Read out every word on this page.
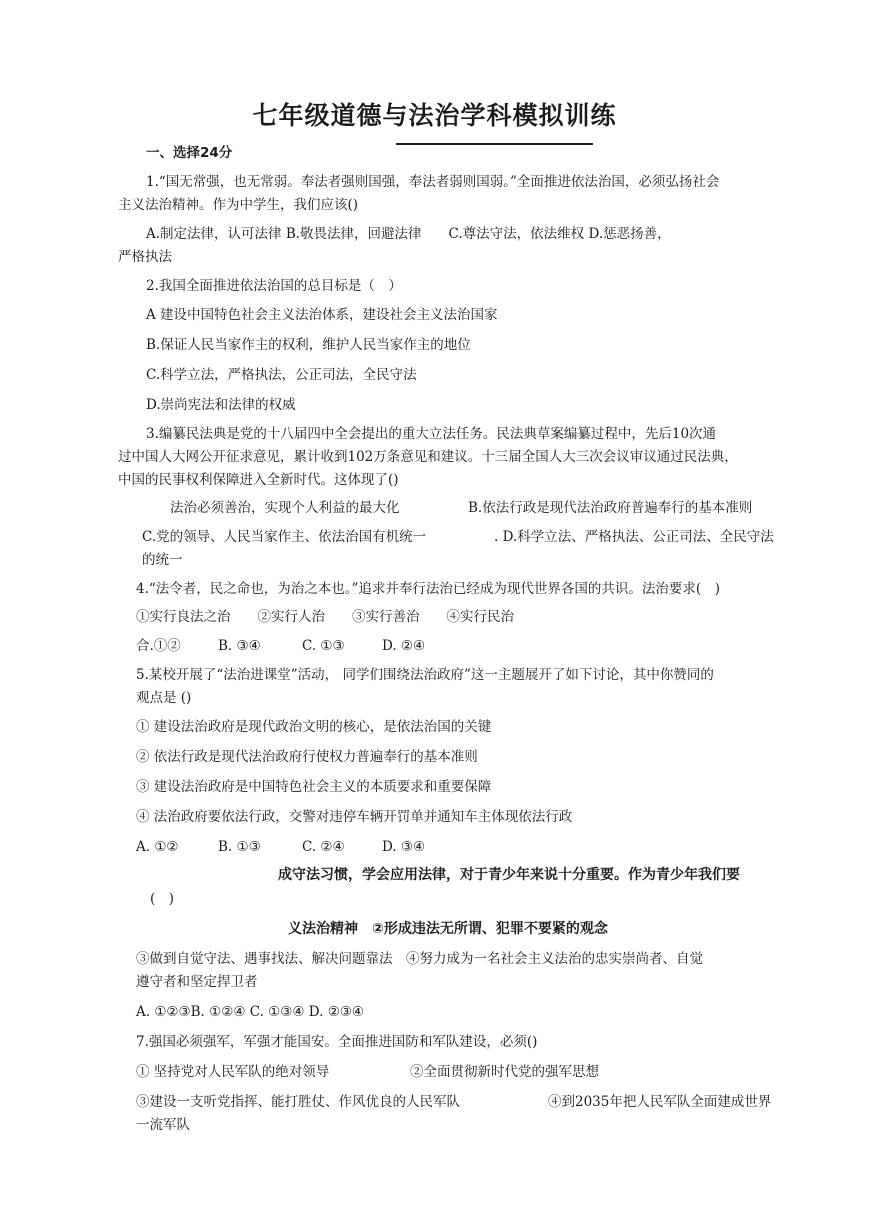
七年级道德与法治学科模拟训练
一、选择24分
1.“国无常强，也无常弱。奉法者强则国强，奉法者弱则国弱。”全面推进依法治国，必须弘扬社会
主义法治精神。作为中学生，我们应该()
A.制定法律，认可法律 B.敬畏法律，回避法律　　C.尊法守法，依法维权 D.惩恶扬善，
严格执法
2.我国全面推进依法治国的总目标是（　）
A 建设中国特色社会主义法治体系，建设社会主义法治国家
B.保证人民当家作主的权利，维护人民当家作主的地位
C.科学立法，严格执法，公正司法，全民守法
D.崇尚宪法和法律的权威
3.编纂民法典是党的十八届四中全会提出的重大立法任务。民法典草案编纂过程中，先后10次通
过中国人大网公开征求意见，累计收到102万条意见和建议。十三届全国人大三次会议审议通过民法典，
中国的民事权利保障进入全新时代。这体现了()
法治必须善治，实现个人利益的最大化	B.依法行政是现代法治政府普遍奉行的基本准则
C.党的领导、人民当家作主、依法治国有机统一	. D.科学立法、严格执法、公正司法、全民守法
的统一
4.“法令者，民之命也，为治之本也。”追求并奉行法治已经成为现代世界各国的共识。法治要求(　)
①实行良法之治　　②实行人治　　③实行善治　　④实行民治
合.①②	B. ③④	C. ①③	D. ②④
5.某校开展了“法治进课堂”活动， 同学们围绕法治政府”这一主题展开了如下讨论，其中你赞同的
观点是 ()
① 建设法治政府是现代政治文明的核心，是依法治国的关键
② 依法行政是现代法治政府行使权力普遍奉行的基本准则
③ 建设法治政府是中国特色社会主义的本质要求和重要保障
④ 法治政府要依法行政，交警对违停车辆开罚单并通知车主体现依法行政
A. ①②	B. ①③	C. ②④	D. ③④
成守法习惯，学会应用法律，对于青少年来说十分重要。作为青少年我们要
(　)
义法治精神　②形成违法无所谓、犯罪不要紧的观念
③做到自觉守法、遇事找法、解决问题靠法　④努力成为一名社会主义法治的忠实崇尚者、自觉
遵守者和坚定捍卫者
A. ①②③B. ①②④ C. ①③④ D. ②③④
7.强国必须强军，军强才能国安。全面推进国防和军队建设，必须()
① 坚持党对人民军队的绝对领导	②全面贯彻新时代党的强军思想
③建设一支听党指挥、能打胜仗、作风优良的人民军队	④到2035年把人民军队全面建成世界
一流军队
